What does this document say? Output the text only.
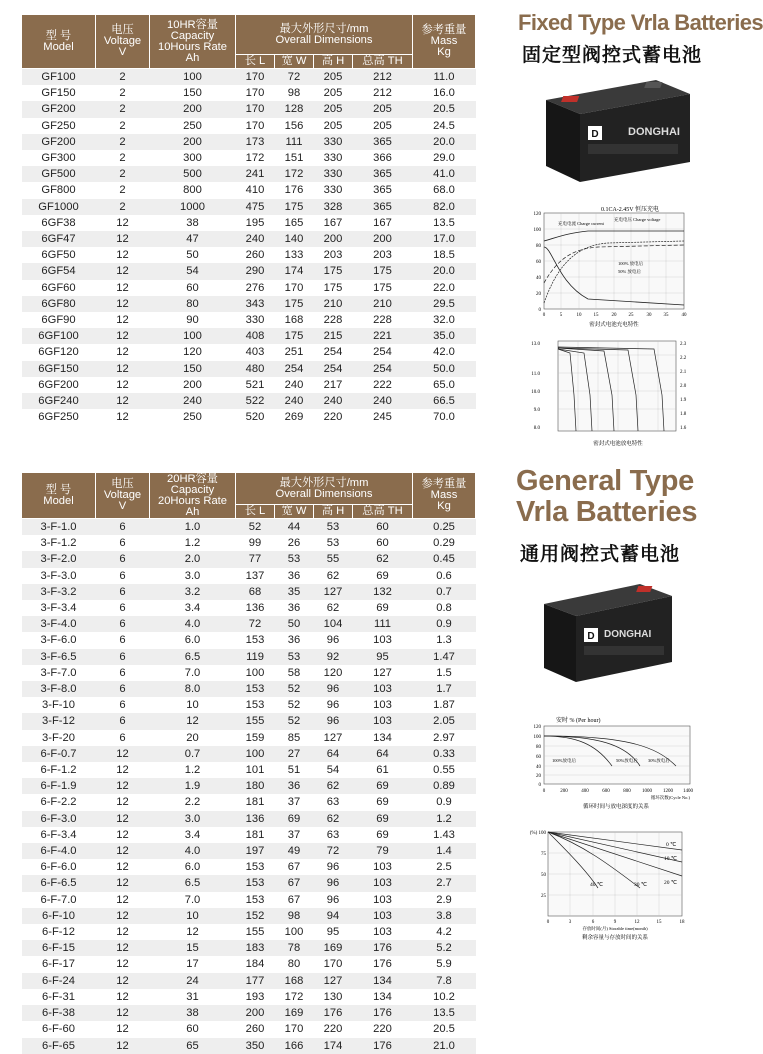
型 号
Model	电压
Voltage
V	10HR容量
Capacity
10Hours Rate
Ah	最大外形尺寸/mm
Overall Dimensions				参考重量
Mass
Kg
			长 L	宽 W	高 H	总高 TH	
GF100	2	100	170	72	205	212	11.0
GF150	2	150	170	98	205	212	16.0
GF200	2	200	170	128	205	205	20.5
GF250	2	250	170	156	205	205	24.5
GF200	2	200	173	111	330	365	20.0
GF300	2	300	172	151	330	366	29.0
GF500	2	500	241	172	330	365	41.0
GF800	2	800	410	176	330	365	68.0
GF1000	2	1000	475	175	328	365	82.0
6GF38	12	38	195	165	167	167	13.5
6GF47	12	47	240	140	200	200	17.0
6GF50	12	50	260	133	203	203	18.5
6GF54	12	54	290	174	175	175	20.0
6GF60	12	60	276	170	175	175	22.0
6GF80	12	80	343	175	210	210	29.5
6GF90	12	90	330	168	228	228	32.0
6GF100	12	100	408	175	215	221	35.0
6GF120	12	120	403	251	254	254	42.0
6GF150	12	150	480	254	254	254	50.0
6GF200	12	200	521	240	217	222	65.0
6GF240	12	240	522	240	240	240	66.5
6GF250	12	250	520	269	220	245	70.0
型 号
Model	电压
Voltage
V	20HR容量
Capacity
20Hours Rate
Ah	最大外形尺寸/mm
Overall Dimensions				参考重量
Mass
Kg
			长 L	宽 W	高 H	总高 TH	
3-F-1.0	6	1.0	52	44	53	60	0.25
3-F-1.2	6	1.2	99	26	53	60	0.29
3-F-2.0	6	2.0	77	53	55	62	0.45
3-F-3.0	6	3.0	137	36	62	69	0.6
3-F-3.2	6	3.2	68	35	127	132	0.7
3-F-3.4	6	3.4	136	36	62	69	0.8
3-F-4.0	6	4.0	72	50	104	111	0.9
3-F-6.0	6	6.0	153	36	96	103	1.3
3-F-6.5	6	6.5	119	53	92	95	1.47
3-F-7.0	6	7.0	100	58	120	127	1.5
3-F-8.0	6	8.0	153	52	96	103	1.7
3-F-10	6	10	153	52	96	103	1.87
3-F-12	6	12	155	52	96	103	2.05
3-F-20	6	20	159	85	127	134	2.97
6-F-0.7	12	0.7	100	27	64	64	0.33
6-F-1.2	12	1.2	101	51	54	61	0.55
6-F-1.9	12	1.9	180	36	62	69	0.89
6-F-2.2	12	2.2	181	37	63	69	0.9
6-F-3.0	12	3.0	136	69	62	69	1.2
6-F-3.4	12	3.4	181	37	63	69	1.43
6-F-4.0	12	4.0	197	49	72	79	1.4
6-F-6.0	12	6.0	153	67	96	103	2.5
6-F-6.5	12	6.5	153	67	96	103	2.7
6-F-7.0	12	7.0	153	67	96	103	2.9
6-F-10	12	10	152	98	94	103	3.8
6-F-12	12	12	155	100	95	103	4.2
6-F-15	12	15	183	78	169	176	5.2
6-F-17	12	17	184	80	170	176	5.9
6-F-24	12	24	177	168	127	134	7.8
6-F-31	12	31	193	172	130	134	10.2
6-F-38	12	38	200	169	176	176	13.5
6-F-60	12	60	260	170	220	220	20.5
6-F-65	12	65	350	166	174	176	21.0
Fixed Type Vrla Batteries
固定型阀控式蓄电池
D	DONGHAI
0.1CA-2.45V 恒压充电
充电电压 Charge voltage
充电电流 Charge current
100% 放电后
50% 放电后
0
20
40
60
80
100
120
0	5	10 15	20 25	30 35	40
密封式电池充电特性
13.0
11.0
10.0
9.0
8.0
2.3
2.2
2.1
2.0
1.9
1.8
1.6
密封式电池放电特性
General Type Vrla Batteries
通用阀控式蓄电池
D DONGHAI
安时 % (Per hour)
100%放电后	50%放电后 30%放电后
0
20
40
60
80
100
120
0	200	400	600	800 1000 1200 1400
循环次数(Cycle No.)
循环时间与放电深度的关系
0 ℃
10 ℃
20 ℃
30 ℃
40 ℃
(%) 100
75
50
25
0	3	6	9	12	15	18
存放时间(月) Storable time(month)
剩余容量与存放时间的关系
